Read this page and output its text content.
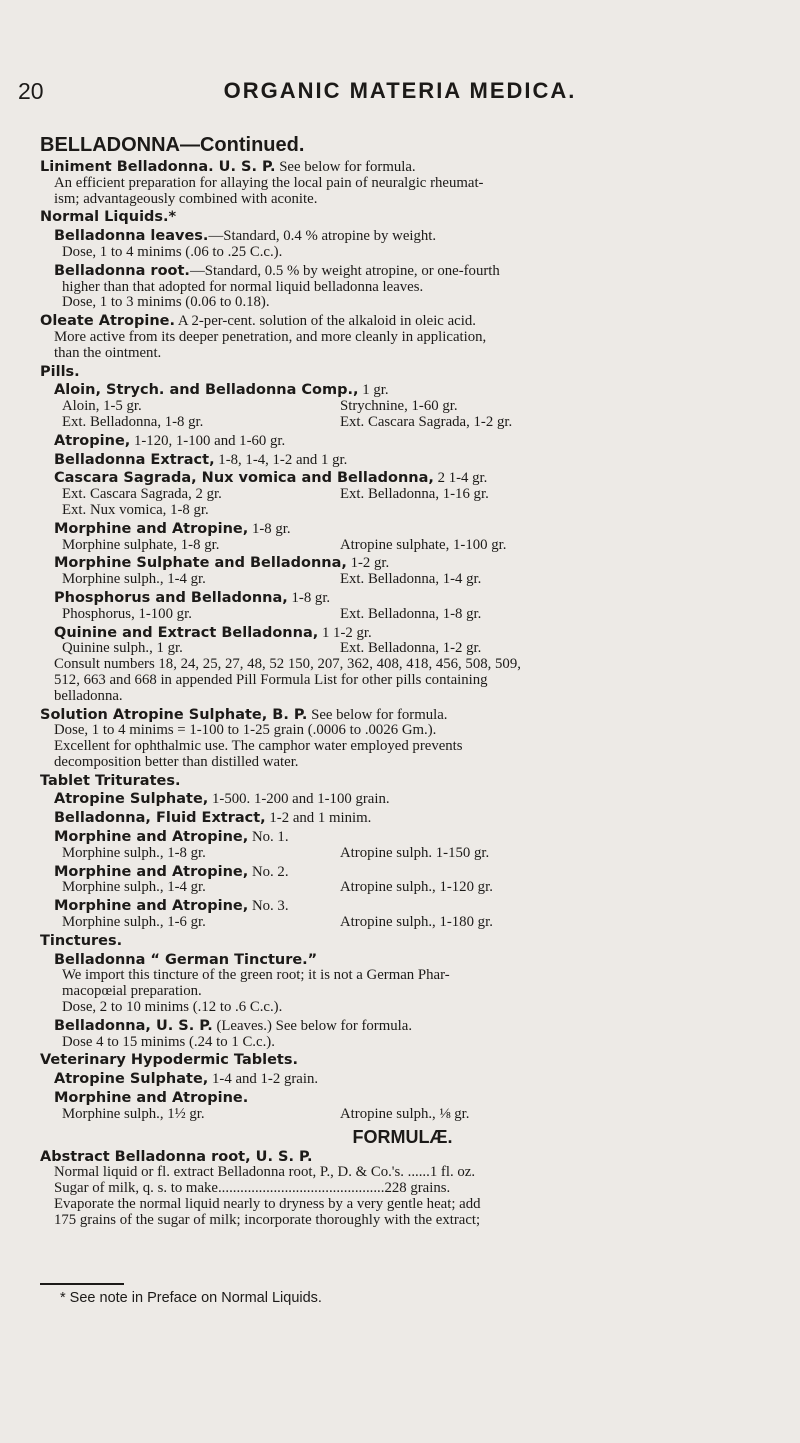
20	ORGANIC MATERIA MEDICA.
BELLADONNA—Continued.
Liniment Belladonna. U. S. P. See below for formula.
An efficient preparation for allaying the local pain of neuralgic rheumat-
ism; advantageously combined with aconite.
Normal Liquids.*
Belladonna leaves.—Standard, 0.4 % atropine by weight.
Dose, 1 to 4 minims (.06 to .25 C.c.).
Belladonna root.—Standard, 0.5 % by weight atropine, or one-fourth
higher than that adopted for normal liquid belladonna leaves.
Dose, 1 to 3 minims (0.06 to 0.18).
Oleate Atropine. A 2-per-cent. solution of the alkaloid in oleic acid.
More active from its deeper penetration, and more cleanly in application,
than the ointment.
Pills.
Aloin, Strych. and Belladonna Comp., 1 gr.
Aloin, 1-5 gr.	Strychnine, 1-60 gr.
Ext. Belladonna, 1-8 gr.	Ext. Cascara Sagrada, 1-2 gr.
Atropine, 1-120, 1-100 and 1-60 gr.
Belladonna Extract, 1-8, 1-4, 1-2 and 1 gr.
Cascara Sagrada, Nux vomica and Belladonna, 2 1-4 gr.
Ext. Cascara Sagrada, 2 gr.	Ext. Belladonna, 1-16 gr.
Ext. Nux vomica, 1-8 gr.
Morphine and Atropine, 1-8 gr.
Morphine sulphate, 1-8 gr.	Atropine sulphate, 1-100 gr.
Morphine Sulphate and Belladonna, 1-2 gr.
Morphine sulph., 1-4 gr.	Ext. Belladonna, 1-4 gr.
Phosphorus and Belladonna, 1-8 gr.
Phosphorus, 1-100 gr.	Ext. Belladonna, 1-8 gr.
Quinine and Extract Belladonna, 1 1-2 gr.
Quinine sulph., 1 gr.	Ext. Belladonna, 1-2 gr.
Consult numbers 18, 24, 25, 27, 48, 52 150, 207, 362, 408, 418, 456, 508, 509,
512, 663 and 668 in appended Pill Formula List for other pills containing
belladonna.
Solution Atropine Sulphate, B. P. See below for formula.
Dose, 1 to 4 minims = 1-100 to 1-25 grain (.0006 to .0026 Gm.).
Excellent for ophthalmic use. The camphor water employed prevents
decomposition better than distilled water.
Tablet Triturates.
Atropine Sulphate, 1-500. 1-200 and 1-100 grain.
Belladonna, Fluid Extract, 1-2 and 1 minim.
Morphine and Atropine, No. 1.
Morphine sulph., 1-8 gr.	Atropine sulph. 1-150 gr.
Morphine and Atropine, No. 2.
Morphine sulph., 1-4 gr.	Atropine sulph., 1-120 gr.
Morphine and Atropine, No. 3.
Morphine sulph., 1-6 gr.	Atropine sulph., 1-180 gr.
Tinctures.
Belladonna “ German Tincture.”
We import this tincture of the green root; it is not a German Phar-
macopœial preparation.
Dose, 2 to 10 minims (.12 to .6 C.c.).
Belladonna, U. S. P. (Leaves.) See below for formula.
Dose 4 to 15 minims (.24 to 1 C.c.).
Veterinary Hypodermic Tablets.
Atropine Sulphate, 1-4 and 1-2 grain.
Morphine and Atropine.
Morphine sulph., 1½ gr.	Atropine sulph., ⅛ gr.
FORMULÆ.
Abstract Belladonna root, U. S. P.
Normal liquid or fl. extract Belladonna root, P., D. & Co.'s. ......1 fl. oz.
Sugar of milk, q. s. to make.............................................228 grains.
Evaporate the normal liquid nearly to dryness by a very gentle heat; add
175 grains of the sugar of milk; incorporate thoroughly with the extract;
* See note in Preface on Normal Liquids.
